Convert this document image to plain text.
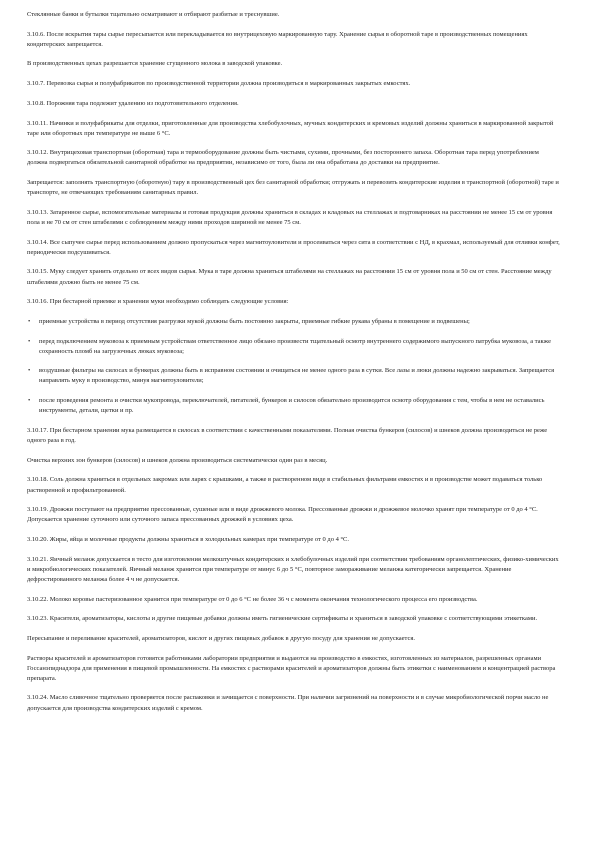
Стеклянные банки и бутылки тщательно осматривают и отбирают разбитые и треснувшие.

3.10.6. После вскрытия тары сырье пересыпается или перекладывается во внутрицеховую маркированную тару. Хранение сырья в оборотной таре в производственных помещениях кондитерских запрещается.

В производственных цехах разрешается хранение сгущенного молока в заводской упаковке.

3.10.7. Перевозка сырья и полуфабрикатов по производственной территории должна производиться в маркированных закрытых емкостях.

3.10.8. Порожняя тара подлежит удалению из подготовительного отделения.

3.10.11. Начинки и полуфабрикаты для отделки, приготовленные для производства хлебобулочных, мучных кондитерских и кремовых изделий должны храниться в маркированной закрытой таре или оборотных при температуре не выше 6 °C.

3.10.12. Внутрицеховая транспортная (оборотная) тара и термооборудование должны быть чистыми, сухими, прочными, без постороннего запаха. Оборотная тара перед употреблением должна подвергаться обязательной санитарной обработке на предприятии, независимо от того, была ли она обработана до доставки на предприятие.

Запрещается: заполнять транспортную (оборотную) тару в производственный цех без санитарной обработки; отгружать и перевозить кондитерские изделия в транспортной (оборотной) таре и транспорте, не отвечающих требованиям санитарных правил.

3.10.13. Затаренное сырье, вспомогательные материалы и готовая продукция должны храниться в складах и кладовых на стеллажах и подтоварниках на расстоянии не менее 15 см от уровня пола и не 70 см от стен штабелями с соблюдением между ними проходов шириной не менее 75 см.

3.10.14. Все сыпучее сырье перед использованием должно пропускаться через магнитоуловители и просеиваться через сита в соответствии с НД, в крахмал, используемый для отливки конфет, периодически подсушиваться.

3.10.15. Муку следует хранить отдельно от всех видов сырья. Мука в таре должна храниться штабелями на стеллажах на расстоянии 15 см от уровня пола и 50 см от стен. Расстояние между штабелями должно быть не менее 75 см.

3.10.16. При бестарной приемке и хранении муки необходимо соблюдать следующие условия:

• приемные устройства в период отсутствия разгрузки мукой должны быть постоянно закрыты, приемные гибкие рукава убраны в помещение и подвешены;

• перед подключением муковоза к приемным устройствам ответственное лицо обязано произвести тщательный осмотр внутреннего содержимого выпускного патрубка муковоза, а также сохранность пломб на загрузочных люках муковоза;

• воздушные фильтры на силосах и бункерах должны быть в исправном состоянии и очищаться не менее одного раза в сутки. Все лазы и люки должны надежно закрываться. Запрещается направлять муку в производство, минуя магнитоуловители;

• после проведения ремонта и очистки мукопровода, переключателей, питателей, бункеров и силосов обязательно производится осмотр оборудования с тем, чтобы в нем не оставались инструменты, детали, щетки и пр.

3.10.17. При бестарном хранении мука размещается в силосах в соответствии с качественными показателями. Полная очистка бункеров (силосов) и шнеков должна производиться не реже одного раза в год.

Очистка верхних зон бункеров (силосов) и шнеков должна производиться систематически один раз в месяц.

3.10.18. Соль должна храниться в отдельных закромах или ларях с крышками, а также в растворенном виде в стабильных фильтрами емкостях и в производстве может подаваться только растворенной и профильтрованной.

3.10.19. Дрожжи поступают на предприятие прессованные, сушеные или в виде дрожжевого молока. Прессованные дрожжи и дрожжевое молочко хранят при температуре от 0 до 4 °C. Допускается хранение суточного или суточного запаса прессованных дрожжей в условиях цеха.

3.10.20. Жиры, яйца и молочные продукты должны храниться в холодильных камерах при температуре от 0 до 4 °C.

3.10.21. Яичный меланж допускается в тесто для изготовления мелкоштучных кондитерских и хлебобулочных изделий при соответствии требованиям органолептических, физико-химических и микробиологических показателей. Яичный меланж хранится при температуре от минус 6 до 5 °C, повторное замораживание меланжа категорически запрещается. Хранение дефростированного меланжа более 4 ч не допускается.

3.10.22. Молоко коровье пастеризованное хранится при температуре от 0 до 6 °C не более 36 ч с момента окончания технологического процесса его производства.

3.10.23. Красители, ароматизаторы, кислоты и другие пищевые добавки должны иметь гигиенические сертификаты и храниться в заводской упаковке с соответствующими этикетками.

Пересыпание и переливание красителей, ароматизаторов, кислот и других пищевых добавок в другую посуду для хранения не допускается.

Растворы красителей и ароматизаторов готовятся работниками лаборатории предприятия и выдаются на производство в емкостях, изготовленных из материалов, разрешенных органами Госсанэпиднадзора для применения в пищевой промышленности. На емкостях с растворами красителей и ароматизаторов должны быть этикетки с наименованием и концентрацией раствора препарата.

3.10.24. Масло сливочное тщательно проверяется после распаковки и зачищается с поверхности. При наличии загрязнений на поверхности и в случае микробиологической порчи масло не допускается для производства кондитерских изделий с кремом.
